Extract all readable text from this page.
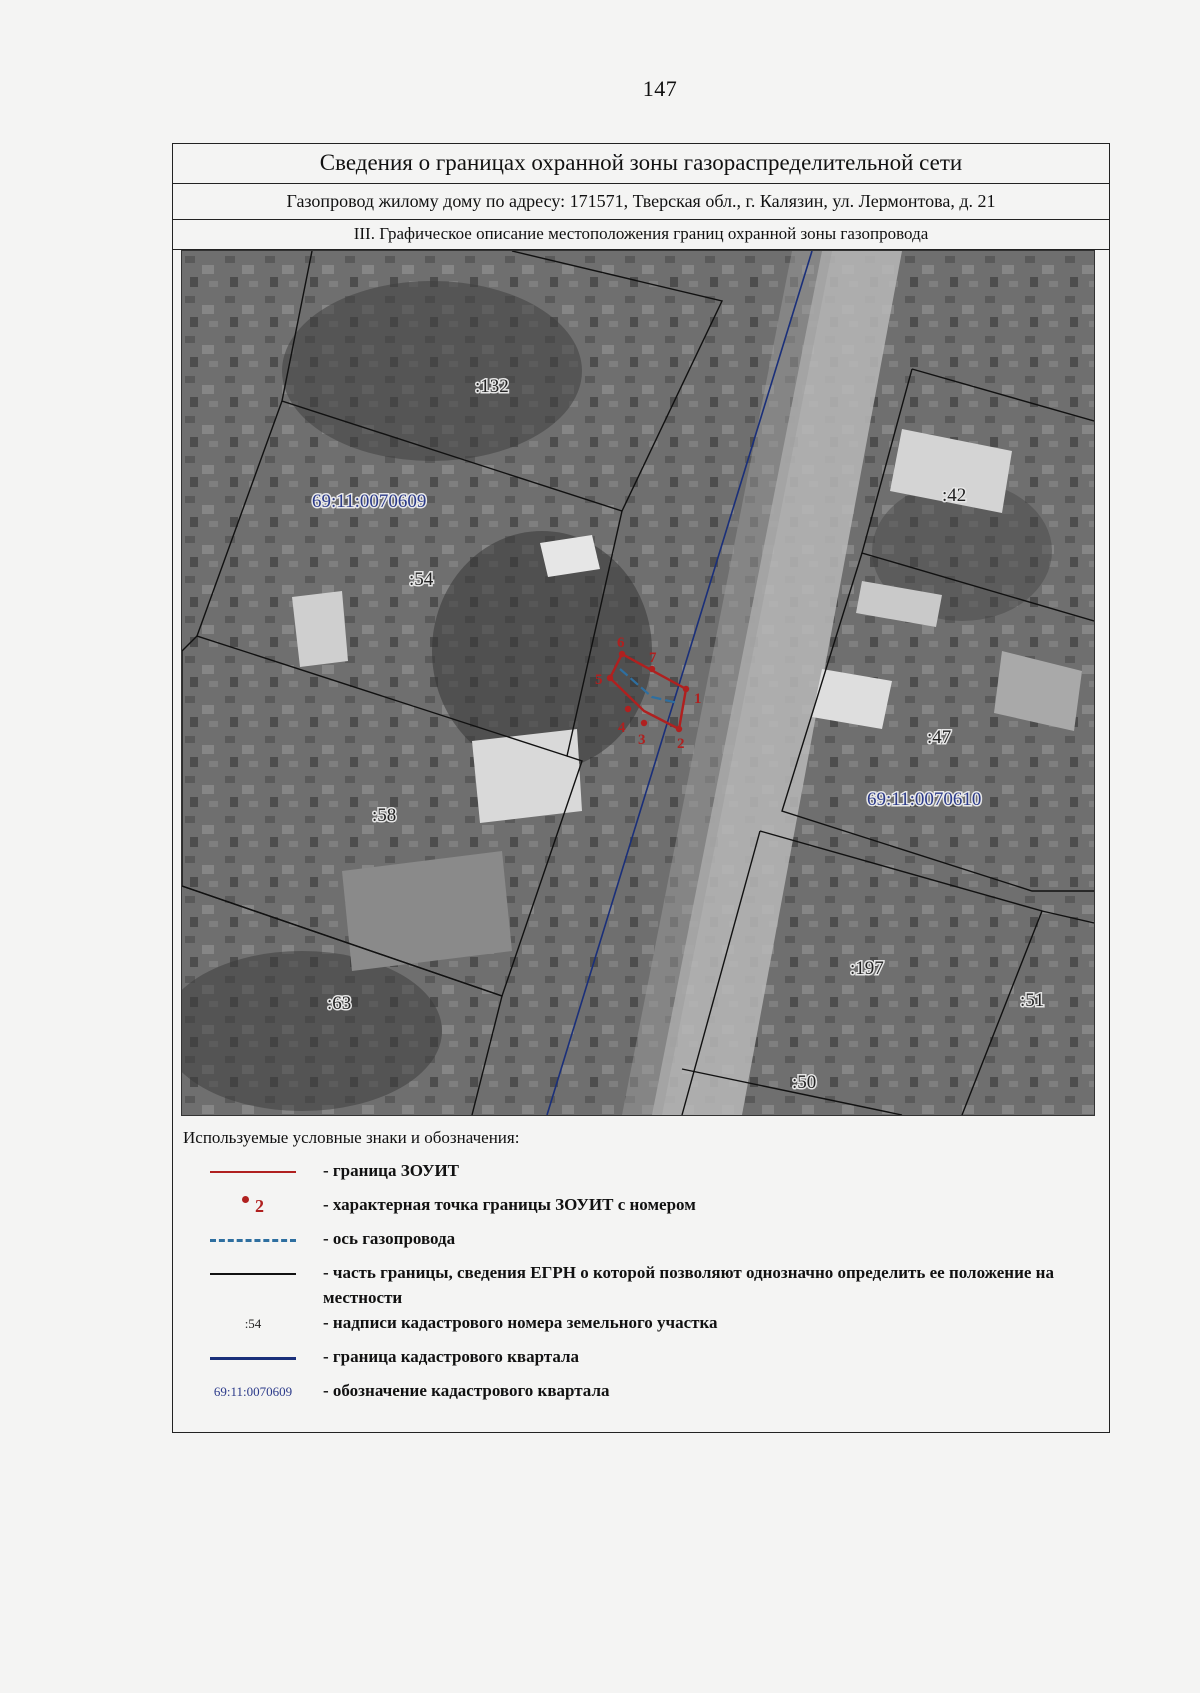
147
Сведения о границах охранной зоны газораспределительной сети
Газопровод жилому дому по адресу: 171571, Тверская обл., г. Калязин, ул. Лермонтова, д. 21
III. Графическое описание местоположения границ охранной зоны газопровода
1
2
3
4
5
6
7
69:11:0070609
69:11:0070610
:132
:54
:58
:63
:42
:47
:197
:51
:50
Используемые условные знаки и обозначения:
- граница ЗОУИТ
2	- характерная точка границы ЗОУИТ с номером
- ось газопровода
- часть границы, сведения ЕГРН о которой позволяют однозначно определить ее положение на местности
:54	- надписи кадастрового номера земельного участка
- граница кадастрового квартала
69:11:0070609 - обозначение кадастрового квартала
